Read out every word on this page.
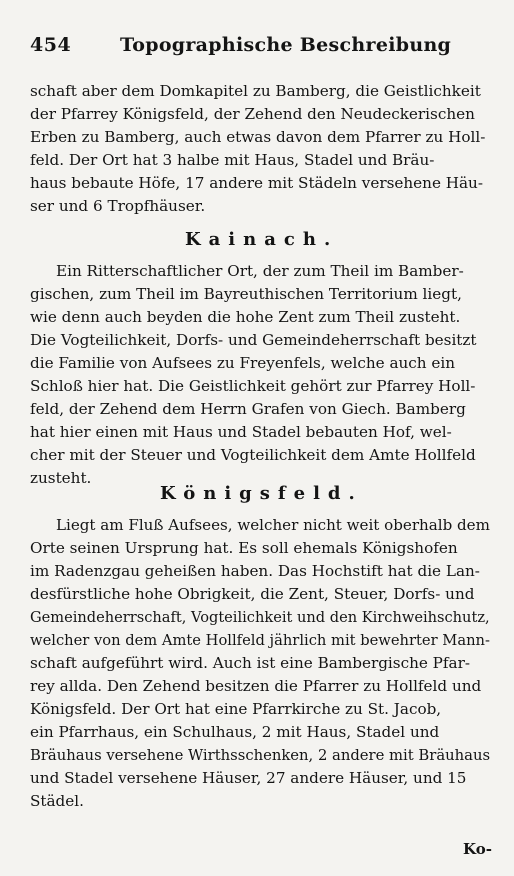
454	Topographische Beschreibung
schaft aber dem Domkapitel zu Bamberg, die Geistlichkeit
der Pfarrey Königsfeld, der Zehend den Neudeckerischen
Erben zu Bamberg, auch etwas davon dem Pfarrer zu Holl-
feld. Der Ort hat 3 halbe mit Haus, Stadel und Bräu-
haus bebaute Höfe, 17 andere mit Städeln versehene Häu-
ser und 6 Tropfhäuser.
Kainach.
Ein Ritterschaftlicher Ort, der zum Theil im Bamber-
gischen, zum Theil im Bayreuthischen Territorium liegt,
wie denn auch beyden die hohe Zent zum Theil zusteht.
Die Vogteilichkeit, Dorfs- und Gemeindeherrschaft besitzt
die Familie von Aufsees zu Freyenfels, welche auch ein
Schloß hier hat. Die Geistlichkeit gehört zur Pfarrey Holl-
feld, der Zehend dem Herrn Grafen von Giech. Bamberg
hat hier einen mit Haus und Stadel bebauten Hof, wel-
cher mit der Steuer und Vogteilichkeit dem Amte Hollfeld
zusteht.
Königsfeld.
Liegt am Fluß Aufsees, welcher nicht weit oberhalb dem
Orte seinen Ursprung hat. Es soll ehemals Königshofen
im Radenzgau geheißen haben. Das Hochstift hat die Lan-
desfürstliche hohe Obrigkeit, die Zent, Steuer, Dorfs- und
Gemeindeherrschaft, Vogteilichkeit und den Kirchweihschutz,
welcher von dem Amte Hollfeld jährlich mit bewehrter Mann-
schaft aufgeführt wird. Auch ist eine Bambergische Pfar-
rey allda. Den Zehend besitzen die Pfarrer zu Hollfeld und
Königsfeld. Der Ort hat eine Pfarrkirche zu St. Jacob,
ein Pfarrhaus, ein Schulhaus, 2 mit Haus, Stadel und
Bräuhaus versehene Wirthsschenken, 2 andere mit Bräuhaus
und Stadel versehene Häuser, 27 andere Häuser, und 15
Städel.
Ko-
